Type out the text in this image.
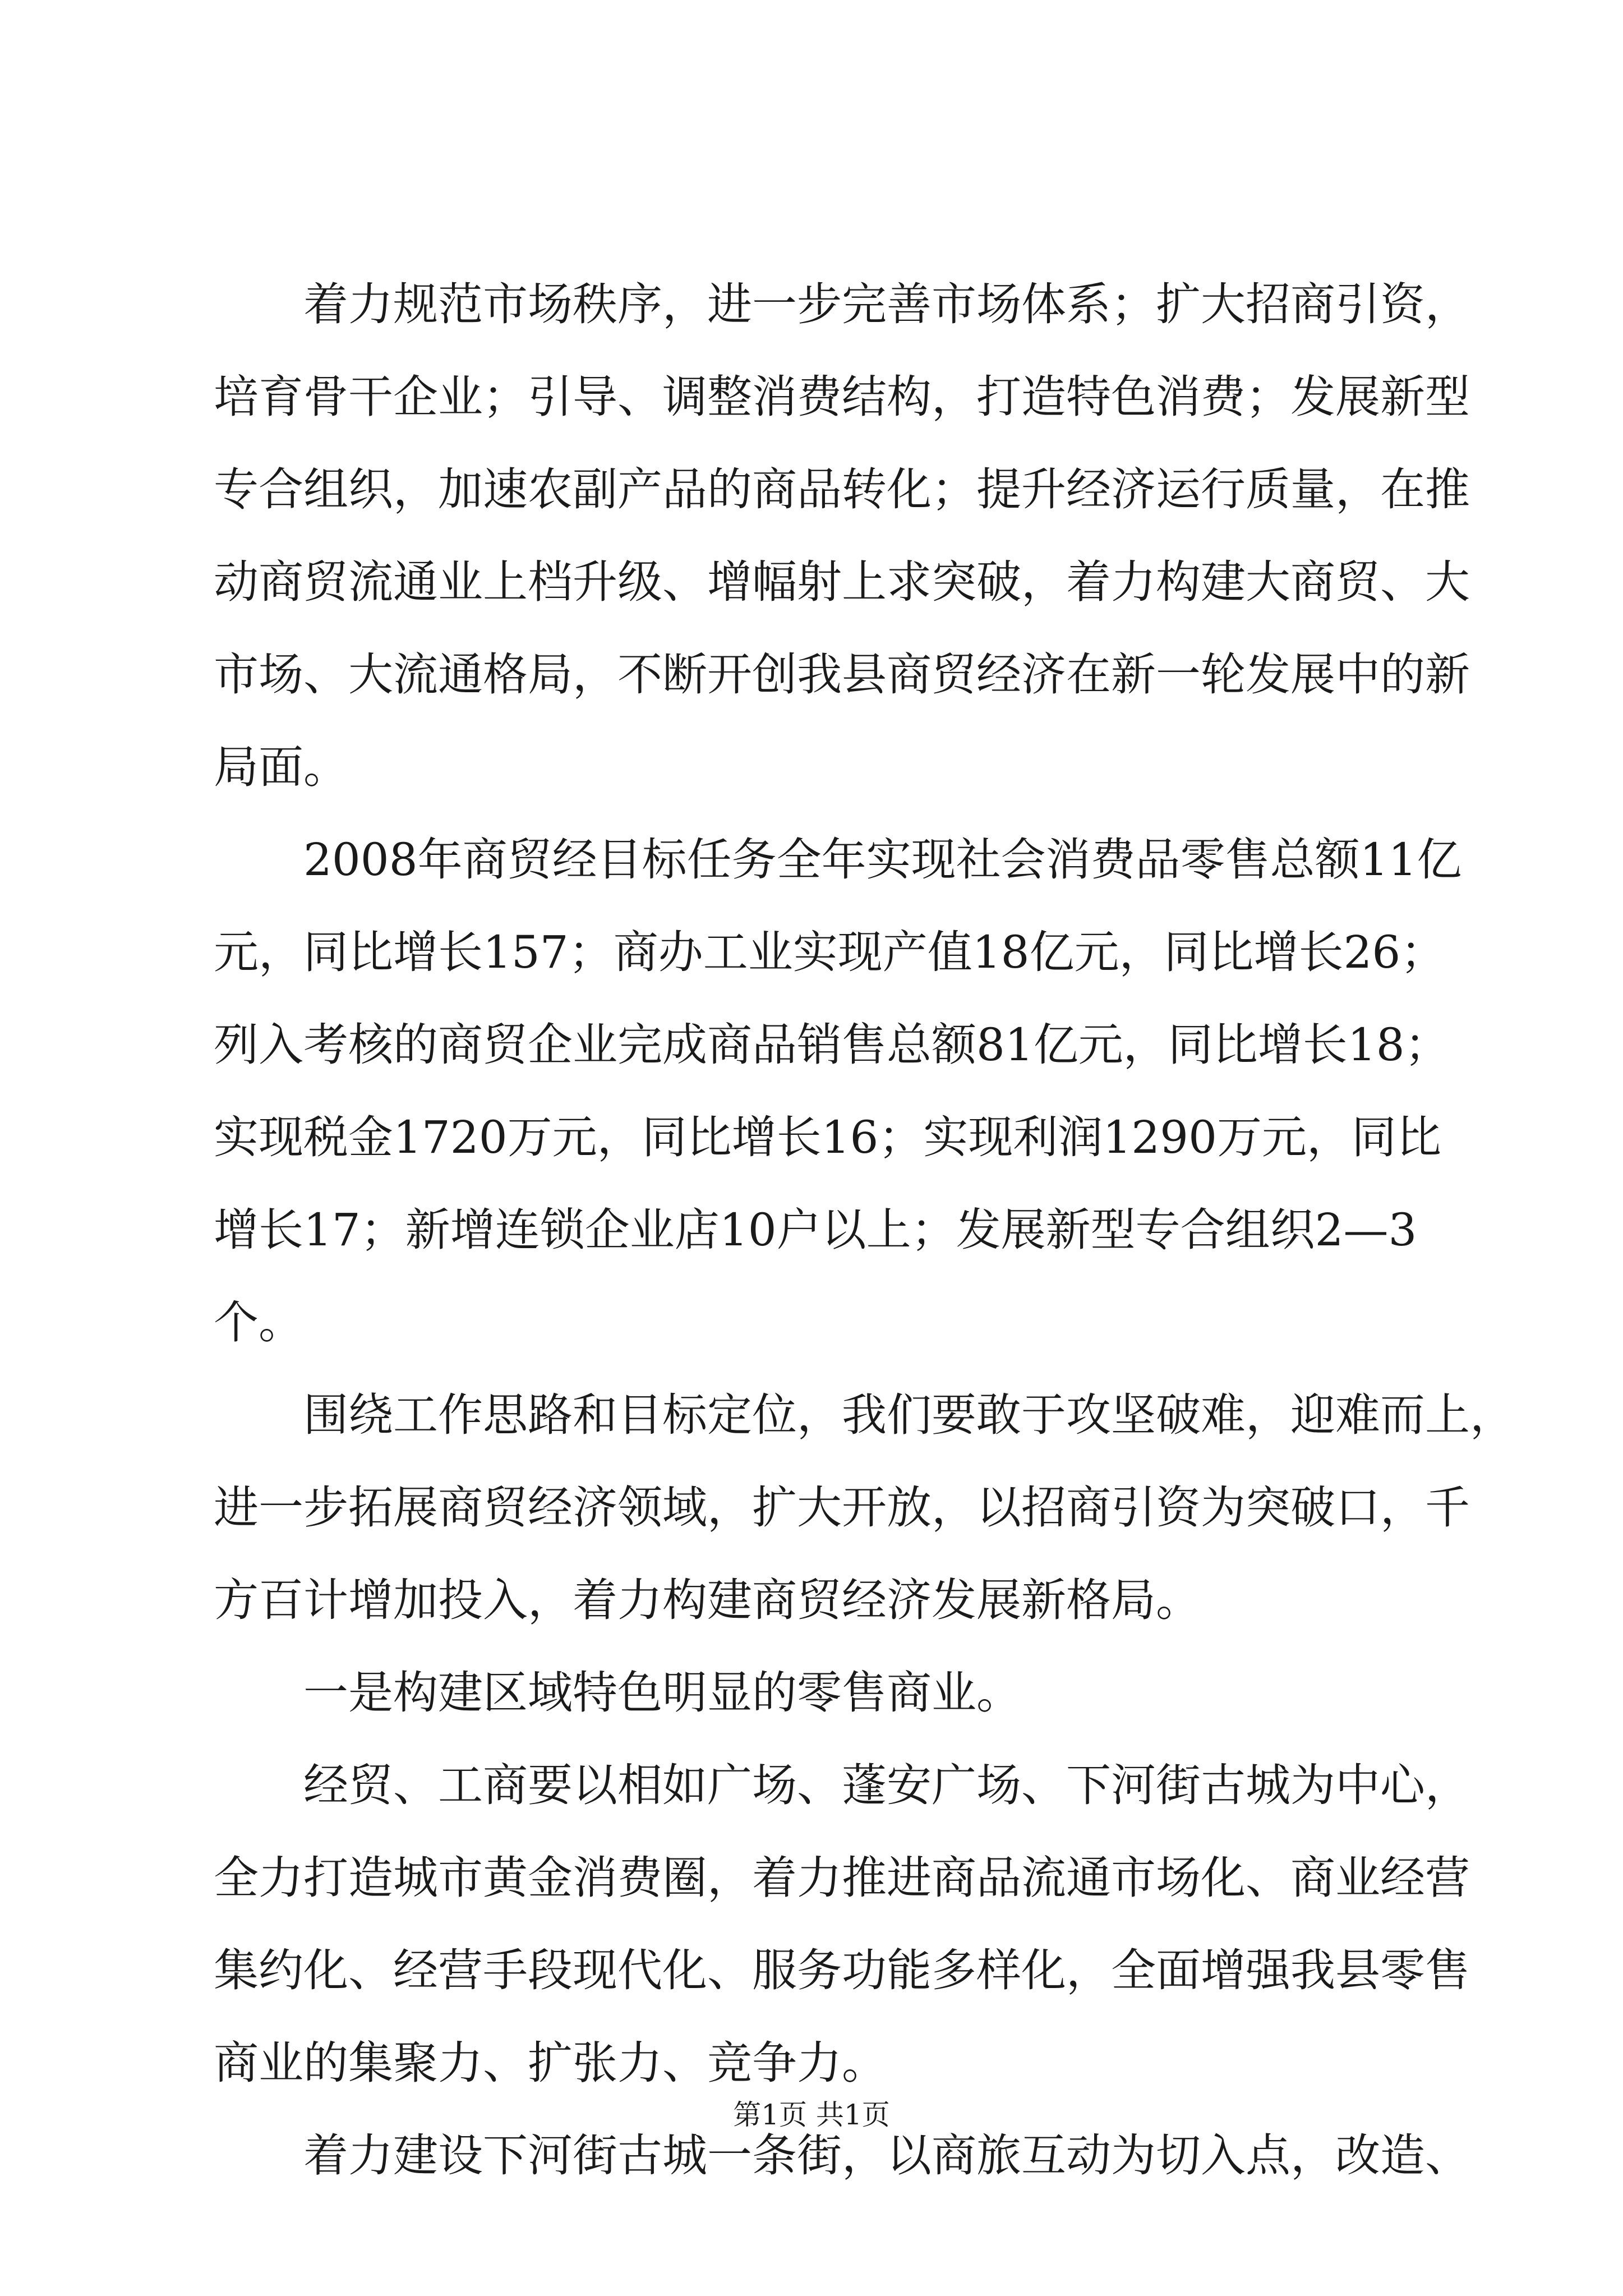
着力规范市场秩序，进一步完善市场体系；扩大招商引资，
培育骨干企业；引导、调整消费结构，打造特色消费；发展新型
专合组织，加速农副产品的商品转化；提升经济运行质量，在推
动商贸流通业上档升级、增幅射上求突破，着力构建大商贸、大
市场、大流通格局，不断开创我县商贸经济在新一轮发展中的新
局面。
2008年商贸经目标任务全年实现社会消费品零售总额11亿
元，同比增长157；商办工业实现产值18亿元，同比增长26；
列入考核的商贸企业完成商品销售总额81亿元，同比增长18；
实现税金1720万元，同比增长16；实现利润1290万元，同比
增长17；新增连锁企业店10户以上；发展新型专合组织2—3
个。
围绕工作思路和目标定位，我们要敢于攻坚破难，迎难而上，
进一步拓展商贸经济领域，扩大开放，以招商引资为突破口，千
方百计增加投入，着力构建商贸经济发展新格局。
一是构建区域特色明显的零售商业。
经贸、工商要以相如广场、蓬安广场、下河街古城为中心，
全力打造城市黄金消费圈，着力推进商品流通市场化、商业经营
集约化、经营手段现代化、服务功能多样化，全面增强我县零售
商业的集聚力、扩张力、竞争力。
着力建设下河街古城一条街，以商旅互动为切入点，改造、
第1页 共1页
